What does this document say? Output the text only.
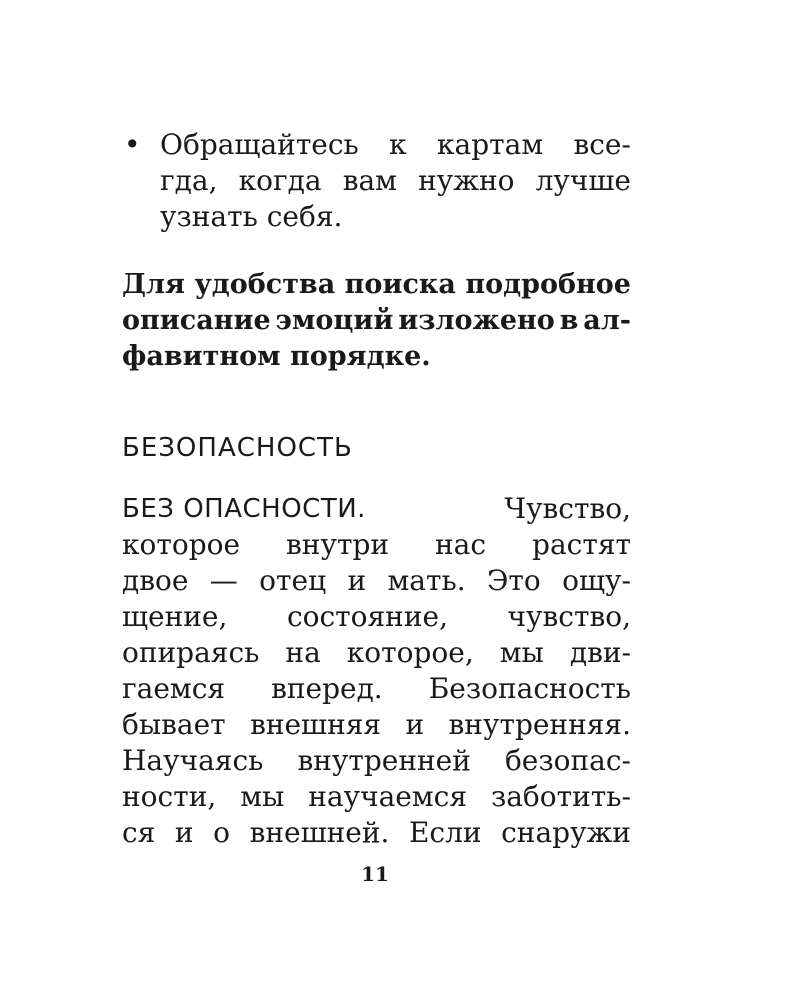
• Обращайтесь к картам все-
гда, когда вам нужно лучше
узнать себя.
Для удобства поиска подробное
описание эмоций изложено в ал-
фавитном порядке.
БЕЗОПАСНОСТЬ
БЕЗ ОПАСНОСТИ.	Чувство,
которое внутри нас растят
двое — отец и мать. Это ощу-
щение, состояние, чувство,
опираясь на которое, мы дви-
гаемся вперед. Безопасность
бывает внешняя и внутренняя.
Научаясь внутренней безопас-
ности, мы научаемся заботить-
ся и о внешней. Если снаружи
11
